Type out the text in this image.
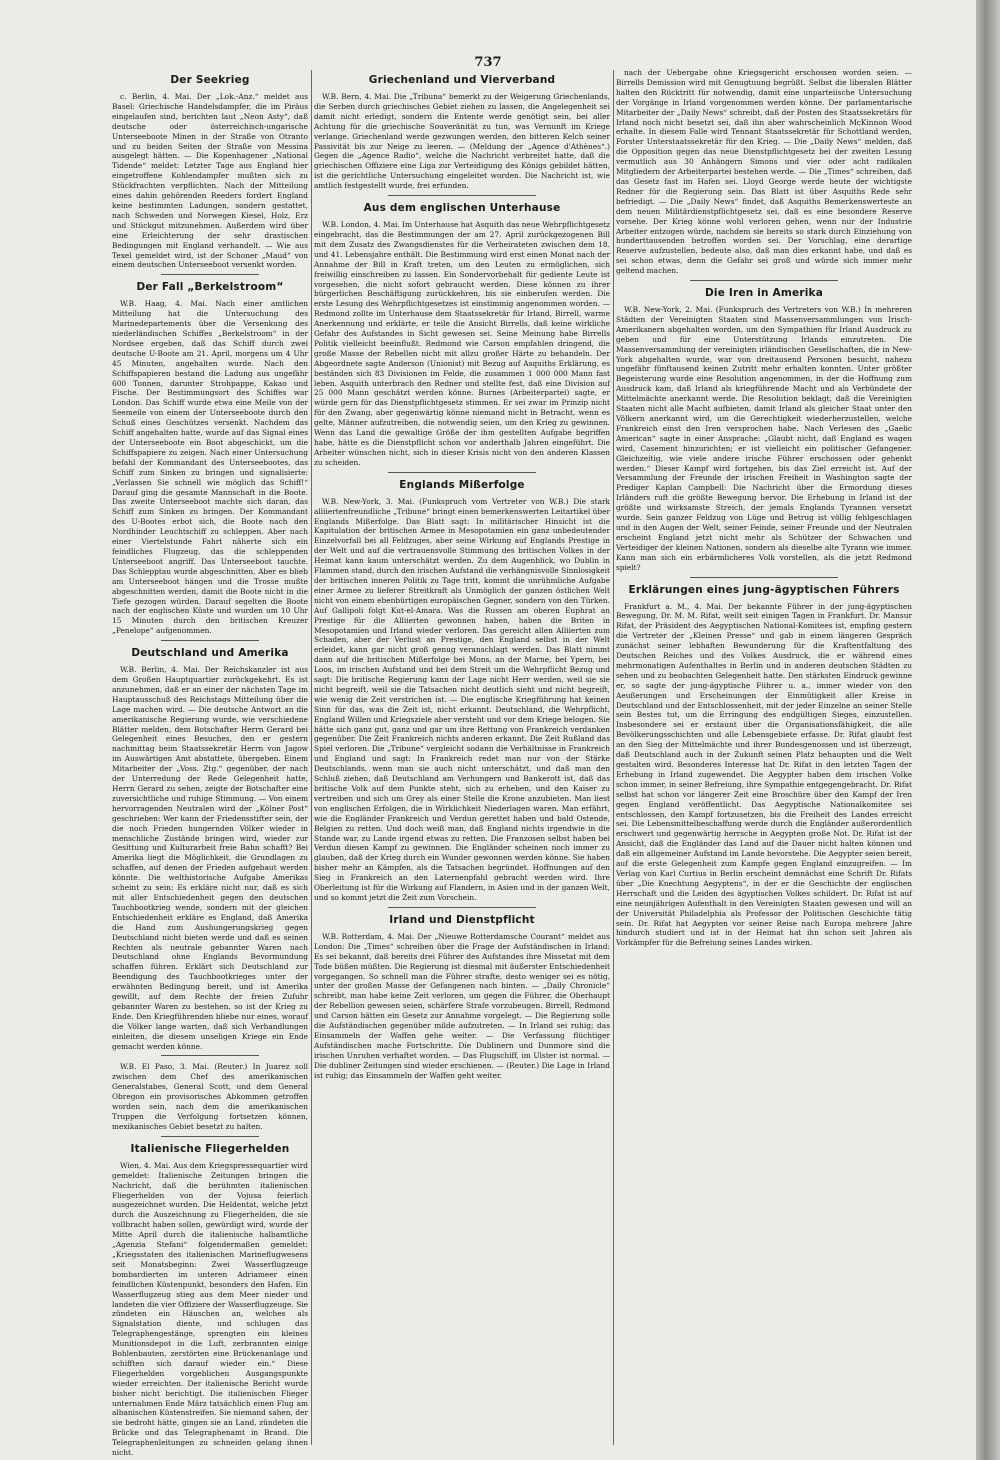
737
Der Seekrieg

c. Berlin, 4. Mai. Der „Lok.-Anz.“ meldet aus Basel: Griechische Handelsdampfer, die im Piräus eingelaufen sind, berichten laut „Neon Asty“, daß deutsche oder österreichisch-ungarische Unterseeboote Minen in der Straße von Otranto und zu beiden Seiten der Straße von Messina ausgelegt hätten. — Die Kopenhagener „National Tidende“ meldet: Letzter Tage aus England hier eingetroffene Kohlendampfer mußten sich zu Stückfrachten verpflichten. Nach der Mitteilung eines dahin gehörenden Reeders fordert England keine bestimmten Ladungen, sondern gestattet, nach Schweden und Norwegen Kiesel, Holz, Erz und Stückgut mitzunehmen. Außerdem wird über eine Erleichterung der sehr drastischen Bedingungen mit England verhandelt. — Wie aus Texel gemeldet wird, ist der Schoner „Maud“ von einem deutschen Unterseeboot versenkt worden.

Der Fall „Berkelstroom“

W.B. Haag, 4. Mai. Nach einer amtlichen Mitteilung hat die Untersuchung des Marinedepartements über die Versenkung des niederländischen Schiffes „Berkelstroom“ in der Nordsee ergeben, daß das Schiff durch zwei deutsche U-Boote am 21. April, morgens um 4 Uhr 45 Minuten, angehalten wurde. Nach den Schiffspapieren bestand die Ladung aus ungefähr 600 Tonnen, darunter Strohpappe, Kakao und Fische. Der Bestimmungsort des Schiffes war London. Das Schiff wurde etwa eine Meile von der Seemeile von einem der Unterseeboote durch den Schuß eines Geschützes versenkt. Nachdem das Schiff angehalten hatte, wurde auf das Signal eines der Unterseeboote ein Boot abgeschickt, um die Schiffspapiere zu zeigen. Nach einer Untersuchung befahl der Kommandant des Unterseebootes, das Schiff zum Sinken zu bringen und signalisierte: „Verlassen Sie schnell wie möglich das Schiff!“ Darauf ging die gesamte Mannschaft in die Boote. Das zweite Unterseeboot machte sich daran, das Schiff zum Sinken zu bringen. Der Kommandant des U-Bootes erbot sich, die Boote nach den Nordhinder Leuchtschiff zu schleppen. Aber nach einer Viertelstunde Fahrt näherte sich ein feindliches Flugzeug, das die schleppenden Unterseeboot angriff. Das Unterseeboot tauchte. Das Schlepptau wurde abgeschnitten. Aber es blieb am Unterseeboot hängen und die Trosse mußte abgeschnitten werden, damit die Boote nicht in die Tiefe gezogen würden. Darauf segelten die Boote nach der englischen Küste und wurden um 10 Uhr 15 Minuten durch den britischen Kreuzer „Penelope“ aufgenommen.

Deutschland und Amerika

W.B. Berlin, 4. Mai. Der Reichskanzler ist aus dem Großen Hauptquartier zurückgekehrt. Es ist anzunehmen, daß er an einer der nächsten Tage im Hauptausschuß des Reichstags Mitteilung über die Lage machen wird. — Die deutsche Antwort an die amerikanische Regierung wurde, wie verschiedene Blätter melden, dem Botschafter Herrn Gerard bei Gelegenheit eines Besuches, den er gestern nachmittag beim Staatssekretär Herrn von Jagow im Auswärtigen Amt abstattete, übergeben. Einem Mitarbeiter der „Voss. Ztg.“ gegenüber, der nach der Unterredung der Rede Gelegenheit hatte, Herrn Gerard zu sehen, zeigte der Botschafter eine zuversichtliche und ruhige Stimmung. — Von einem hervorragenden Neutralen wird der „Kölner Post“ geschrieben: Wer kann der Friedensstifter sein, der die noch Frieden hungernden Völker wieder in menschliche Zustände bringen wird, wieder zur Gesittung und Kulturarbeit freie Bahn schafft? Bei Amerika liegt die Möglichkeit, die Grundlagen zu schaffen, auf denen der Frieden aufgebaut werden könnte. Die welthistorische Aufgabe Amerikas scheint zu sein: Es erkläre nicht nur, daß es sich mit aller Entschiedenheit gegen den deutschen Tauchbootkrieg wende, sondern mit der gleichen Entschiedenheit erkläre es England, daß Amerika die Hand zum Aushungerungskrieg gegen Deutschland nicht bieten werde und daß es seinen Rechten als neutrale gebannter Waren nach Deutschland ohne Englands Bevormundung schaffen führen. Erklärt sich Deutschland zur Beendigung des Tauchbootkrieges unter der erwähnten Bedingung bereit, und ist Amerika gewillt, auf dem Rechte der freien Zufuhr gebannter Waren zu bestehen, so ist der Krieg zu Ende. Den Kriegführenden bliebe nur eines, worauf die Völker lange warten, daß sich Verhandlungen einleiten, die diesem unseligen Kriege ein Ende gemacht werden könne.

W.B. El Paso, 3. Mai. (Reuter.) In Juarez soll zwischen dem Chef des amerikanischen Generalstabes, General Scott, und dem General Obregon ein provisorisches Abkommen getroffen worden sein, nach dem die amerikanischen Truppen die Verfolgung fortsetzen können, mexikanisches Gebiet besetzt zu halten.

Italienische Fliegerhelden

Wien, 4. Mai. Aus dem Kriegspressequartier wird gemeldet: Italienische Zeitungen bringen die Nachricht, daß die berühmten italienischen Fliegerhelden von der Vojusa feierlich ausgezeichnet wurden. Die Heldentat, welche jetzt durch die Auszeichnung zu Fliegerhelden, die sie vollbracht haben sollen, gewürdigt wird, wurde der Mitte April durch die italienische halbamtliche „Agenzia Stefani“ folgendermaßen gemeldet: „Kriegsstaten des italienischen Marineflugwesens seit Monatsbeginn: Zwei Wasserflugzeuge bombardierten im unteren Adriameer einen feindlichen Küstenpunkt, besonders den Hafen. Ein Wasserflugzeug stieg aus dem Meer nieder und landeten die vier Offiziere der Wasserflugzeuge. Sie zündeten ein Häuschen an, welches als Signalstation diente, und schlugen das Telegraphengestänge, sprengten ein kleines Munitionsdepot in die Luft, zerbrannten einige Bohlenbauten, zerstörten eine Brückenanlage und schifften sich darauf wieder ein.“ Diese Fliegerhelden vorgeblichen Ausgangspunkte wieder erreichten. Der italienische Bericht wurde bisher nicht berichtigt. Die italienischen Flieger unternahmen Ende März tatsächlich einen Flug am albanischen Küstenstreifen. Sie niemand sahen, der sie bedroht hätte, gingen sie an Land, zündeten die Brücke und das Telegraphenamt in Brand. Die Telegraphenleitungen zu schneiden gelang ihnen nicht.

Griechenland und Vierverband

W.B. Bern, 4. Mai. Die „Tribuna“ bemerkt zu der Weigerung Griechenlands, die Serben durch griechisches Gebiet ziehen zu lassen, die Angelegenheit sei damit nicht erledigt, sondern die Entente werde genötigt sein, bei aller Achtung für die griechische Souveränität zu tun, was Vernunft im Kriege verlange. Griechenland werde gezwungen werden, den bitteren Kelch seiner Passivität bis zur Neige zu leeren. — (Meldung der „Agence d'Athènes“.) Gegen die „Agence Radio“, welche die Nachricht verbreitet hatte, daß die griechischen Offiziere eine Liga zur Verteidigung des Königs gebildet hätten, ist die gerichtliche Untersuchung eingeleitet worden. Die Nachricht ist, wie amtlich festgestellt wurde, frei erfunden.

Aus dem englischen Unterhause

W.B. London, 4. Mai. Im Unterhause hat Asquith das neue Wehrpflichtgesetz eingebracht, das die Bestimmungen der am 27. April zurückgezogenen Bill mit dem Zusatz des Zwangsdienstes für die Verheirateten zwischen dem 18. und 41. Lebensjahre enthält. Die Bestimmung wird erst einen Monat nach der Annahme der Bill in Kraft treten, um den Leuten zu ermöglichen, sich freiwillig einschreiben zu lassen. Ein Sondervorbehalt für gediente Leute ist vorgesehen, die nicht sofort gebraucht werden. Diese können zu ihrer bürgerlichen Beschäftigung zurückkehren, bis sie einberufen werden. Die erste Lesung des Wehrpflichtgesetzes ist einstimmig angenommen worden. — Redmond zollte im Unterhause dem Staatssekretär für Irland, Birrell, warme Anerkennung und erklärte, er teile die Ansicht Birrells, daß keine wirkliche Gefahr des Aufstandes in Sicht gewesen sei. Seine Meinung habe Birrells Politik vielleicht beeinflußt. Redmond wie Carson empfahlen dringend, die große Masse der Rebellen nicht mit allzu großer Härte zu behandeln. Der Abgeordnete sagte Anderson (Unionist) mit Bezug auf Asquiths Erklärung, es beständen sich 83 Divisionen im Felde, die zusammen 1 000 000 Mann fast leben. Asquith unterbrach den Redner und stellte fest, daß eine Division auf 25 000 Mann geschätzt werden könne. Burnes (Arbeiterpartei) sagte, er würde gern für das Dienstpflichtgesetz stimmen. Er sei zwar im Prinzip nicht für den Zwang, aber gegenwärtig könne niemand nicht in Betracht, wenn es gelte, Männer aufzutreiben, die notwendig seien, um den Krieg zu gewinnen. Wenn das Land die gewaltige Größe der ihm gestellten Aufgabe begriffen habe, hätte es die Dienstpflicht schon vor anderthalb Jahren eingeführt. Die Arbeiter wünschen nicht, sich in dieser Krisis nicht von den anderen Klassen zu scheiden.

Englands Mißerfolge

W.B. New-York, 3. Mai. (Funkspruch vom Vertreter von W.B.) Die stark alliiertenfreundliche „Tribune“ bringt einen bemerkenswerten Leitartikel über Englands Mißerfolge. Das Blatt sagt: In militärischer Hinsicht ist die Kapitulation der britischen Armee in Mesopotamien ein ganz unbedeutender Einzelvorfall bei all Feldzuges, aber seine Wirkung auf Englands Prestige in der Welt und auf die vertrauensvolle Stimmung des britischen Volkes in der Heimat kann kaum unterschätzt werden. Zu dem Augenblick, wo Dublin in Flammen stand, durch den irischen Aufstand die verhängnisvolle Sinnlosigkeit der britischen inneren Politik zu Tage tritt, kommt die unrühmliche Aufgabe einer Armee zu lieferer Streitkraft als Unmöglich der ganzen östlichen Welt nicht von einem ebenbürtigen europäischen Gegner, sondern von den Türken. Auf Gallipoli folgt Kut-el-Amara. Was die Russen am oberen Euphrat an Prestige für die Alliierten gewonnen haben, haben die Briten in Mesopotamien und Irland wieder verloren. Das gereicht allen Alliierten zum Schaden, aber der Verlust an Prestige, den England selbst in der Welt erleidet, kann gar nicht groß genug veranschlagt werden. Das Blatt nimmt dann auf die britischen Mißerfolge bei Mons, an der Marne, bei Ypern, bei Loos, im irischen Aufstand und bei dem Streit um die Wehrpflicht Bezug und sagt: Die britische Regierung kann der Lage nicht Herr werden, weil sie sie nicht begreift, weil sie die Tatsachen nicht deutlich sieht und nicht begreift, wie wenig die Zeit verstrichen ist. — Die englische Kriegführung hat keinen Sinn für das, was die Zeit ist, nicht erkannt. Deutschland, die Wehrpflicht, England Willen und Kriegsziele aber versteht und vor dem Kriege belogen. Sie hätte sich ganz gut, ganz und gar um ihre Rettung von Frankreich verdanken gegenüber. Die Zeit Frankreich nichts anderen erkannt. Die Zeit Rußland das Spiel verloren. Die „Tribune“ vergleicht sodann die Verhältnisse in Frankreich und England und sagt: In Frankreich redet man nur von der Stärke Deutschlands, wenn man sie auch nicht unterschätzt, und daß man den Schluß ziehen, daß Deutschland am Verhungern und Bankerott ist, daß das britische Volk auf dem Punkte steht, sich zu erheben, und den Kaiser zu vertreiben und sich um Grey als einer Stelle die Krone anzubieten. Man liest von englischen Erfolgen, die in Wirklichkeit Niederlagen waren. Man erfährt, wie die Engländer Frankreich und Verdun gerettet haben und bald Ostende, Belgien zu retten. Und doch weiß man, daß England nichts irgendwie in die Stande war, zu Lande irgend etwas zu retten. Die Franzosen selbst haben bei Verdun diesen Kampf zu gewinnen. Die Engländer scheinen noch immer zu glauben, daß der Krieg durch ein Wunder gewonnen werden könne. Sie haben bisher mehr an Kämpfen, als die Tatsachen begründet. Hoffnungen auf den Sieg in Frankreich an den Laternenpfahl gebracht werden wird. Ihre Oberleitung ist für die Wirkung auf Flandern, in Asien und in der ganzen Welt, und so kommt jetzt die Zeit zum Vorschein.

Irland und Dienstpflicht

W.B. Rotterdam, 4. Mai. Der „Nieuwe Rotterdamsche Courant“ meldet aus London: Die „Times“ schreiben über die Frage der Aufständischen in Irland: Es sei bekannt, daß bereits drei Führer des Aufstandes ihre Missetat mit dem Tode büßen müßten. Die Regierung ist diesmal mit äußerster Entschiedenheit vorgegangen. So schnell man die Führer strafte, desto weniger sei es nötig, unter der großen Masse der Gefangenen nach hinten. — „Daily Chronicle“ schreibt, man habe keine Zeit verloren, um gegen die Führer, die Oberhaupt der Rebellion gewesen seien, schärfere Strafe vorzubeugen. Birrell, Redmond und Carson hätten ein Gesetz zur Annahme vorgelegt. — Die Regierung solle die Aufständischen gegenüber milde aufzutreten. — In Irland sei ruhig; das Einsammeln der Waffen gehe weiter. — Die Verfassung flüchtiger Aufständischen mache Fortschritte. Die Dublinern und Dunmore sind die irischen Unruhen verhaftet worden. — Das Flugschiff, im Ulster ist normal. — Die dubliner Zeitungen sind wieder erschienen. — (Reuter.) Die Lage in Irland ist ruhig; das Einsammeln der Waffen geht weiter.

nach der Uebergabe ohne Kriegsgericht erschossen worden seien. — Birrells Demission wird mit Genugtuung begrüßt. Selbst die liberalen Blätter halten den Rücktritt für notwendig, damit eine unparteiische Untersuchung der Vorgänge in Irland vorgenommen werden könne. Der parlamentarische Mitarbeiter der „Daily News“ schreibt, daß der Posten des Staatssekretärs für Irland noch nicht besetzt sei, daß ihn aber wahrscheinlich McKinnon Wood erhalte. In diesem Falle wird Tennant Staatssekretär für Schottland werden, Forster Unterstaatssekretär für den Krieg. — Die „Daily News“ melden, daß die Opposition gegen das neue Dienstpflichtgesetz bei der zweiten Lesung vermutlich aus 30 Anhängern Simons und vier oder acht radikalen Mitgliedern der Arbeiterpartei bestehen werde. — Die „Times“ schreiben, daß das Gesetz fast im Hafen sei. Lloyd George werde heute der wichtigste Redner für die Regierung sein. Das Blatt ist über Asquiths Rede sehr befriedigt. — Die „Daily News“ findet, daß Asquiths Bemerkenswerteste an dem neuen Militärdienstpflichtgesetz sei, daß es eine besondere Reserve vorsehe. Der Krieg könne wohl verloren gehen, wenn nur der Industrie Arbeiter entzogen würde, nachdem sie bereits so stark durch Einziehung von hunderttausenden betroffen worden sei. Der Vorschlag, eine derartige Reserve aufzustellen, bedeute also, daß man dies erkannt habe, und daß es sei schon etwas, denn die Gefahr sei groß und würde sich immer mehr geltend machen.

Die Iren in Amerika

W.B. New-York, 2. Mai. (Funkspruch des Vertreters von W.B.) In mehreren Städten der Vereinigten Staaten sind Massenversammlungen von Irisch-Amerikanern abgehalten worden, um den Sympathien für Irland Ausdruck zu geben und für eine Unterstützung Irlands einzutreten. Die Massenversammlung der vereinigten irländischen Gesellschaften, die in New-York abgehalten wurde, war von dreitausend Personen besucht, nahezu ungefähr fünftausend keinen Zutritt mehr erhalten konnten. Unter größter Begeisterung wurde eine Resolution angenommen, in der die Hoffnung zum Ausdruck kam, daß Irland als kriegführende Macht und als Verbündete der Mittelmächte anerkannt werde. Die Resolution beklagt, daß die Vereinigten Staaten nicht alle Macht aufbieten, damit Irland als gleicher Staat unter den Völkern anerkannt wird, um die Gerechtigkeit wiederherzustellen, welche Frankreich einst den Iren versprochen habe. Nach Verlesen des „Gaelic American“ sagte in einer Ansprache: „Glaubt nicht, daß England es wagen wird, Casement hinzurichten; er ist vielleicht ein politischer Gefangener. Gleichzeitig, wie viele andere irische Führer erschossen oder gehenkt werden.“ Dieser Kampf wird fortgehen, bis das Ziel erreicht ist. Auf der Versammlung der Freunde der irischen Freiheit in Washington sagte der Prediger Kaplan Campbell: Die Nachricht über die Ermordung dieses Irländers ruft die größte Bewegung hervor. Die Erhebung in Irland ist der größte und wirksamste Streich, der jemals Englands Tyrannen versetzt wurde. Sein ganzer Feldzug von Lüge und Betrug ist völlig fehlgeschlagen und in den Augen der Welt, seiner Feinde, seiner Freunde und der Neutralen erscheint England jetzt nicht mehr als Schützer der Schwachen und Verteidiger der kleinen Nationen, sondern als dieselbe alte Tyrann wie immer. Kann man sich ein erbärmlicheres Volk vorstellen, als die jetzt Redmond spielt?

Erklärungen eines jung-ägyptischen Führers

Frankfurt a. M., 4. Mai. Der bekannte Führer in der jung-ägyptischen Bewegung, Dr. M. M. Rifat, weilt seit einigen Tagen in Frankfurt. Dr. Mansur Rifat, der Präsident des Aegyptischen National-Komitees ist, empfing gestern die Vertreter der „Kleinen Presse“ und gab in einem längeren Gespräch zunächst seiner lebhaften Bewunderung für die Kraftentfaltung des Deutschen Reiches und des Volkes Ausdruck, die er während eines mehrmonatigen Aufenthaltes in Berlin und in anderen deutschen Städten zu sehen und zu beobachten Gelegenheit hatte. Den stärksten Eindruck gewinne er, so sagte der jung-ägyptische Führer u. a., immer wieder von den Aeußerungen und Erscheinungen der Einmütigkeit aller Kreise in Deutschland und der Entschlossenheit, mit der jeder Einzelne an seiner Stelle sein Bestes tut, um die Erringung des endgültigen Sieges, einzustellen. Insbesondere sei er erstaunt über die Organisationsfähigkeit, die alle Bevölkerungsschichten und alle Lebensgebiete erfasse. Dr. Rifat glaubt fest an den Sieg der Mittelmächte und ihrer Bundesgenossen und ist überzeugt, daß Deutschland auch in der Zukunft seinen Platz behaupten und die Welt gestalten wird. Besonderes Interesse hat Dr. Rifat in den letzten Tagen der Erhebung in Irland zugewendet. Die Aegypter haben dem irischen Volke schon immer, in seiner Befreiung, ihre Sympathie entgegengebracht. Dr. Rifat selbst hat schon vor längerer Zeit eine Broschüre über den Kampf der Iren gegen England veröffentlicht. Das Aegyptische Nationalkomitee sei entschlossen, den Kampf fortzusetzen, bis die Freiheit des Landes erreicht sei. Die Lebensmittelbeschaffung werde durch die Engländer außerordentlich erschwert und gegenwärtig herrsche in Aegypten große Not. Dr. Rifat ist der Ansicht, daß die Engländer das Land auf die Dauer nicht halten können und daß ein allgemeiner Aufstand im Lande bevorstehe. Die Aegypter seien bereit, auf die erste Gelegenheit zum Kampfe gegen England einzugreifen. — Im Verlag von Karl Curtius in Berlin erscheint demnächst eine Schrift Dr. Rifats über „Die Knechtung Aegyptens“, in der er die Geschichte der englischen Herrschaft und die Leiden des ägyptischen Volkes schildert. Dr. Rifat ist auf eine neunjährigen Aufenthalt in den Vereinigten Staaten gewesen und will an der Universität Philadelphia als Professor der Politischen Geschichte tätig sein. Dr. Rifat hat Aegypten vor seiner Reise nach Europa mehrere Jahre hindurch studiert und ist in der Heimat hat ihn schon seit Jahren als Vorkämpfer für die Befreiung seines Landes wirken.
